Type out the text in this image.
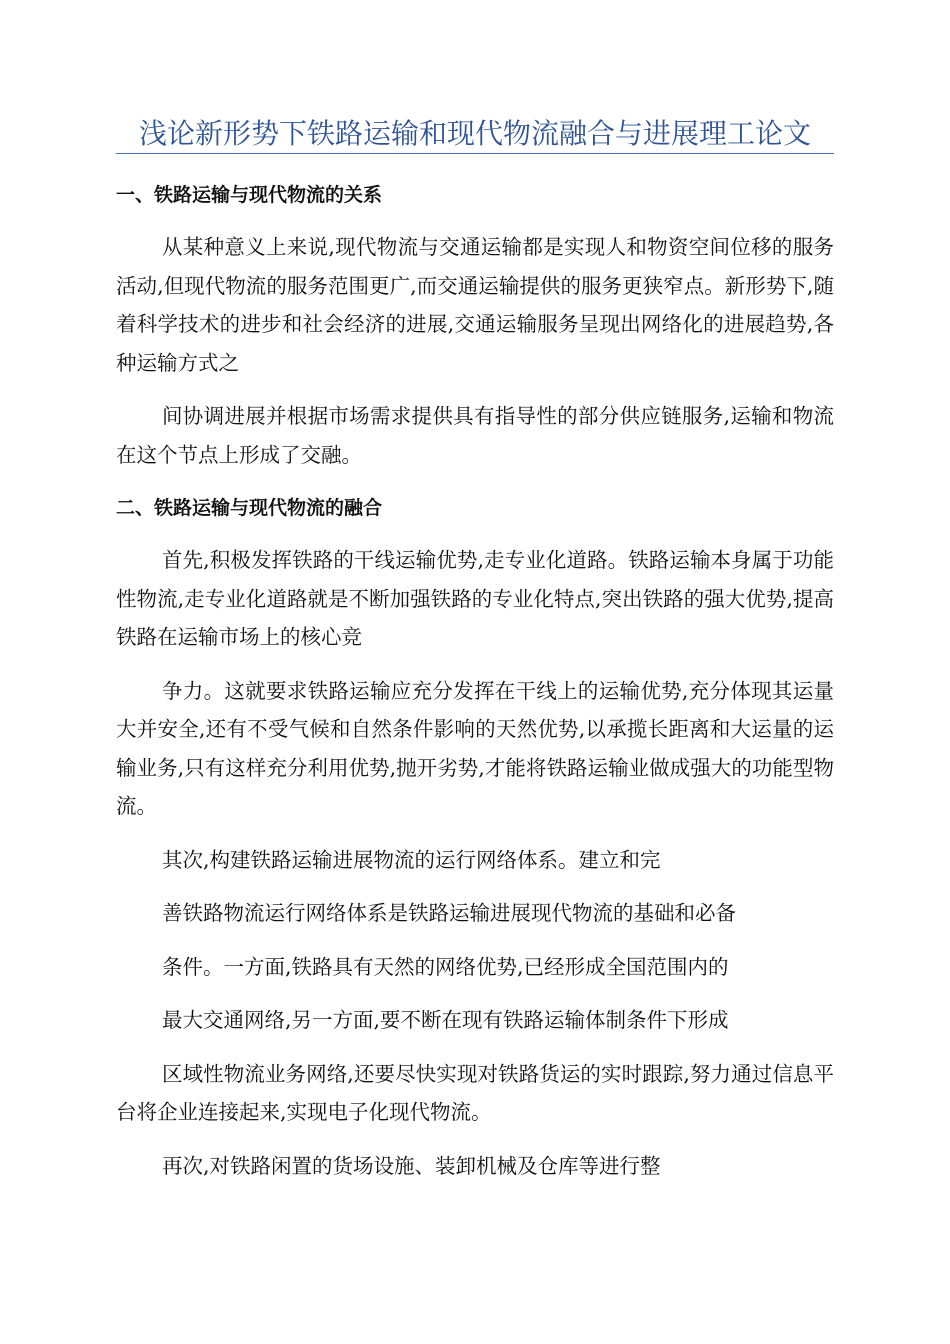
浅论新形势下铁路运输和现代物流融合与进展理工论文
一、铁路运输与现代物流的关系

从某种意义上来说,现代物流与交通运输都是实现人和物资空间位移的服务活动,但现代物流的服务范围更广,而交通运输提供的服务更狭窄点。新形势下,随着科学技术的进步和社会经济的进展,交通运输服务呈现出网络化的进展趋势,各种运输方式之

间协调进展并根据市场需求提供具有指导性的部分供应链服务,运输和物流在这个节点上形成了交融。

二、铁路运输与现代物流的融合

首先,积极发挥铁路的干线运输优势,走专业化道路。铁路运输本身属于功能性物流,走专业化道路就是不断加强铁路的专业化特点,突出铁路的强大优势,提高铁路在运输市场上的核心竞

争力。这就要求铁路运输应充分发挥在干线上的运输优势,充分体现其运量大并安全,还有不受气候和自然条件影响的天然优势,以承揽长距离和大运量的运输业务,只有这样充分利用优势,抛开劣势,才能将铁路运输业做成强大的功能型物流。

其次,构建铁路运输进展物流的运行网络体系。建立和完

善铁路物流运行网络体系是铁路运输进展现代物流的基础和必备

条件。一方面,铁路具有天然的网络优势,已经形成全国范围内的

最大交通网络,另一方面,要不断在现有铁路运输体制条件下形成

区域性物流业务网络,还要尽快实现对铁路货运的实时跟踪,努力通过信息平台将企业连接起来,实现电子化现代物流。

再次,对铁路闲置的货场设施、装卸机械及仓库等进行整
